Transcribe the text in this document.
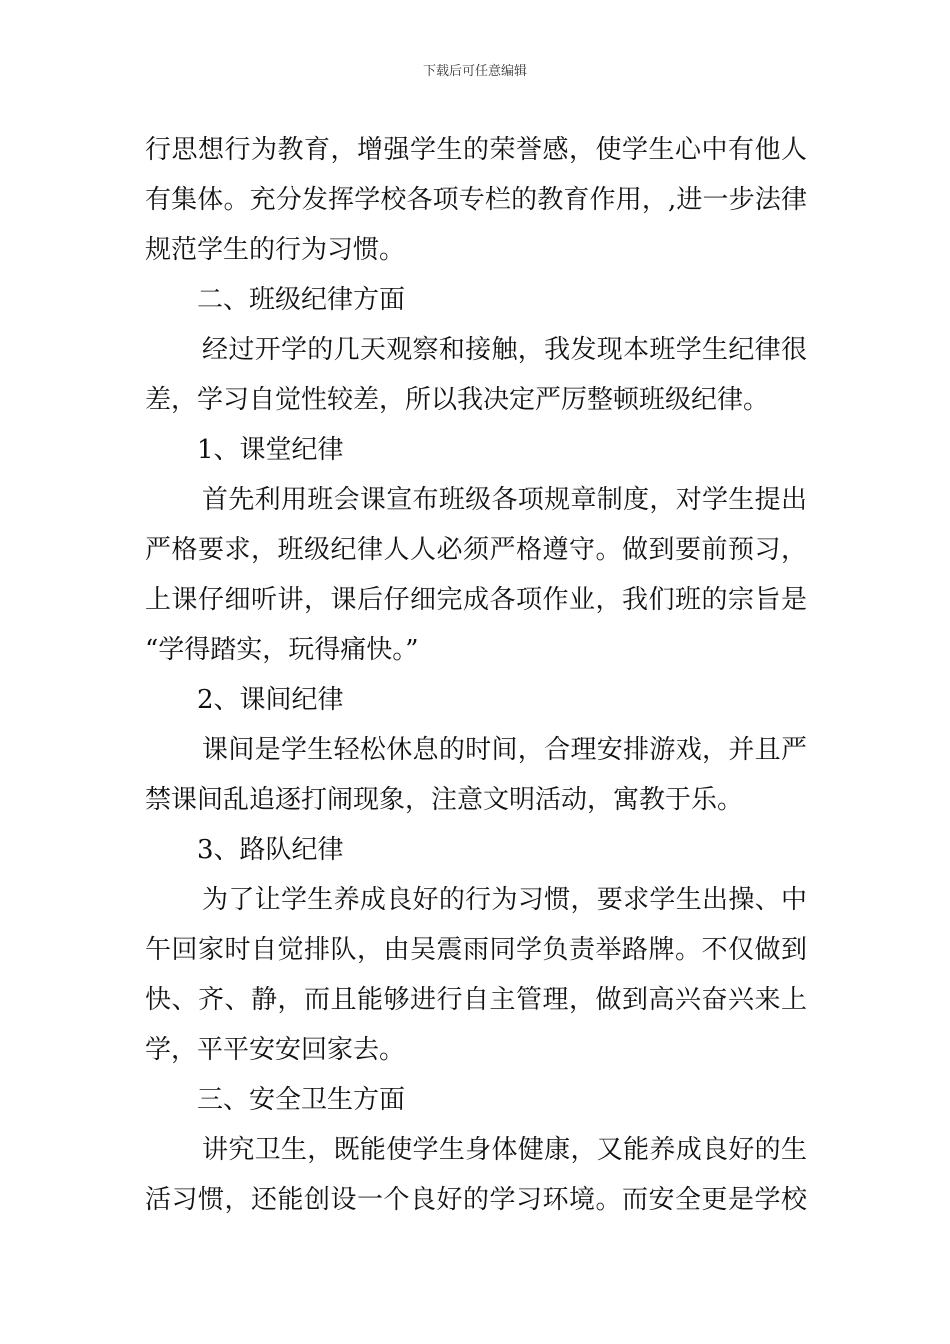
下载后可任意编辑
行思想行为教育，增强学生的荣誉感，使学生心中有他人
有集体。充分发挥学校各项专栏的教育作用，,进一步法律
规范学生的行为习惯。
二、班级纪律方面
经过开学的几天观察和接触，我发现本班学生纪律很
差，学习自觉性较差，所以我决定严厉整顿班级纪律。
1、课堂纪律
首先利用班会课宣布班级各项规章制度，对学生提出
严格要求，班级纪律人人必须严格遵守。做到要前预习，
上课仔细听讲，课后仔细完成各项作业，我们班的宗旨是
“学得踏实，玩得痛快。”
2、课间纪律
课间是学生轻松休息的时间，合理安排游戏，并且严
禁课间乱追逐打闹现象，注意文明活动，寓教于乐。
3、路队纪律
为了让学生养成良好的行为习惯，要求学生出操、中
午回家时自觉排队，由吴震雨同学负责举路牌。不仅做到
快、齐、静，而且能够进行自主管理，做到高兴奋兴来上
学，平平安安回家去。
三、安全卫生方面
讲究卫生，既能使学生身体健康，又能养成良好的生
活习惯，还能创设一个良好的学习环境。而安全更是学校
